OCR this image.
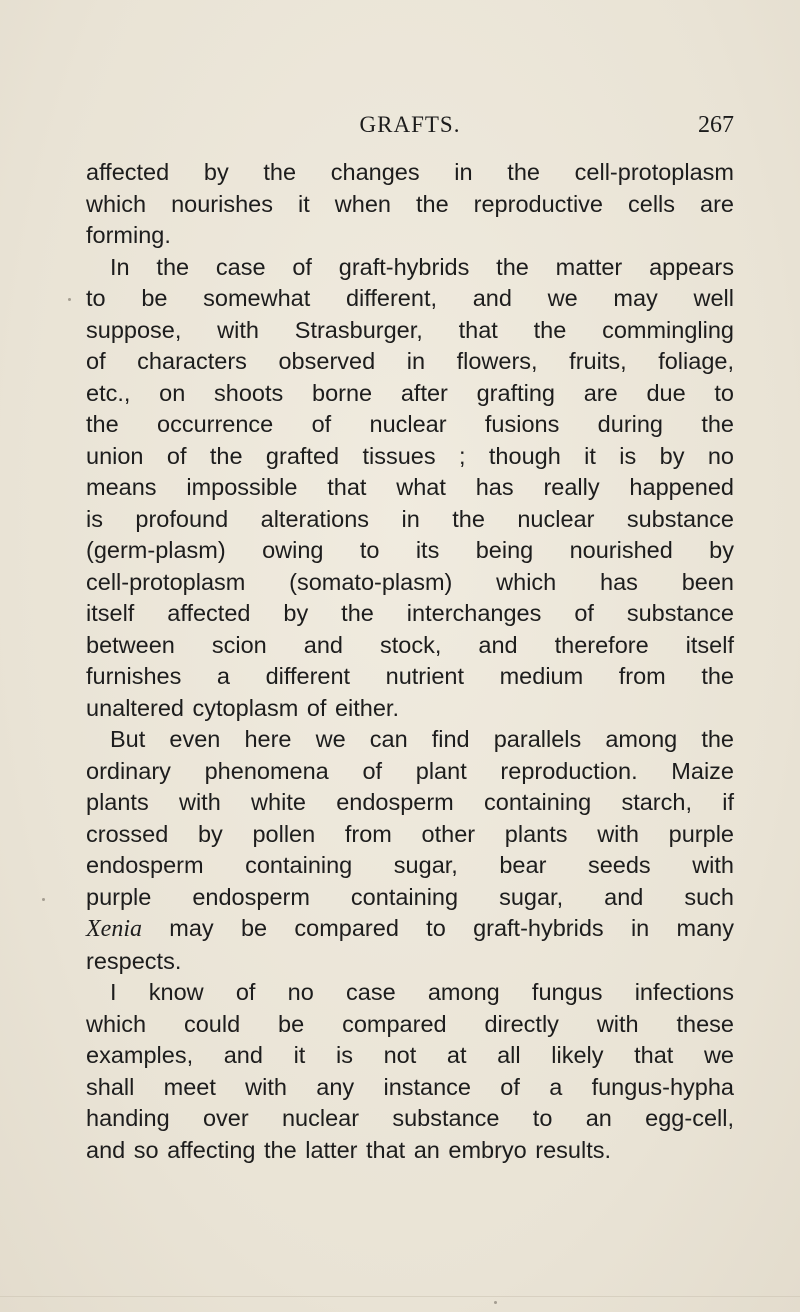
GRAFTS.	267
affected by the changes in the cell-protoplasm
which nourishes it when the reproductive cells are
forming.
In the case of graft-hybrids the matter appears
to be somewhat different, and we may well
suppose, with Strasburger, that the commingling
of characters observed in flowers, fruits, foliage,
etc., on shoots borne after grafting are due to
the occurrence of nuclear fusions during the
union of the grafted tissues ; though it is by no
means impossible that what has really happened
is profound alterations in the nuclear substance
(germ-plasm) owing to its being nourished by
cell-protoplasm (somato-plasm) which has been
itself affected by the interchanges of substance
between scion and stock, and therefore itself
furnishes a different nutrient medium from the
unaltered cytoplasm of either.
But even here we can find parallels among the
ordinary phenomena of plant reproduction. Maize
plants with white endosperm containing starch, if
crossed by pollen from other plants with purple
endosperm containing sugar, bear seeds with
purple endosperm containing sugar, and such
Xenia may be compared to graft-hybrids in many
respects.
I know of no case among fungus infections
which could be compared directly with these
examples, and it is not at all likely that we
shall meet with any instance of a fungus-hypha
handing over nuclear substance to an egg-cell,
and so affecting the latter that an embryo results.
